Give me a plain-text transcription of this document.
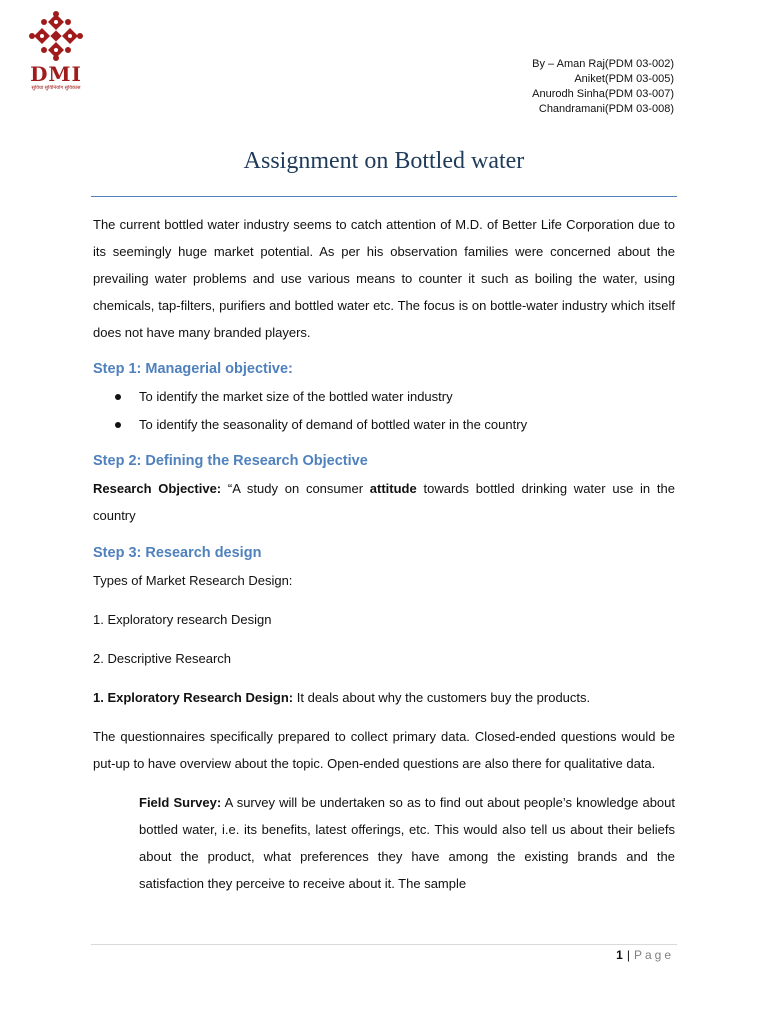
DMI
सुविधा सुविनियोग सुविकास
By – Aman Raj(PDM 03-002)
Aniket(PDM 03-005)
Anurodh Sinha(PDM 03-007)
Chandramani(PDM 03-008)
Assignment on Bottled water

The current bottled water industry seems to catch attention of M.D. of Better Life Corporation due to its seemingly huge market potential. As per his observation families were concerned about the prevailing water problems and use various means to counter it such as boiling the water, using chemicals, tap-filters, purifiers and bottled water etc. The focus is on bottle-water industry which itself does not have many branded players.

Step 1: Managerial objective:
To identify the market size of the bottled water industry
To identify the seasonality of demand of bottled water in the country
Step 2: Defining the Research Objective

Research Objective: “A study on consumer attitude towards bottled drinking water use in the country

Step 3: Research design

Types of Market Research Design:

1. Exploratory research Design

2. Descriptive Research

1. Exploratory Research Design: It deals about why the customers buy the products.

The questionnaires specifically prepared to collect primary data. Closed-ended questions would be put-up to have overview about the topic. Open-ended questions are also there for qualitative data.

Field Survey: A survey will be undertaken so as to find out about people’s knowledge about bottled water, i.e. its benefits, latest offerings, etc. This would also tell us about their beliefs about the product, what preferences they have among the existing brands and the satisfaction they perceive to receive about it. The sample

1 | Page
